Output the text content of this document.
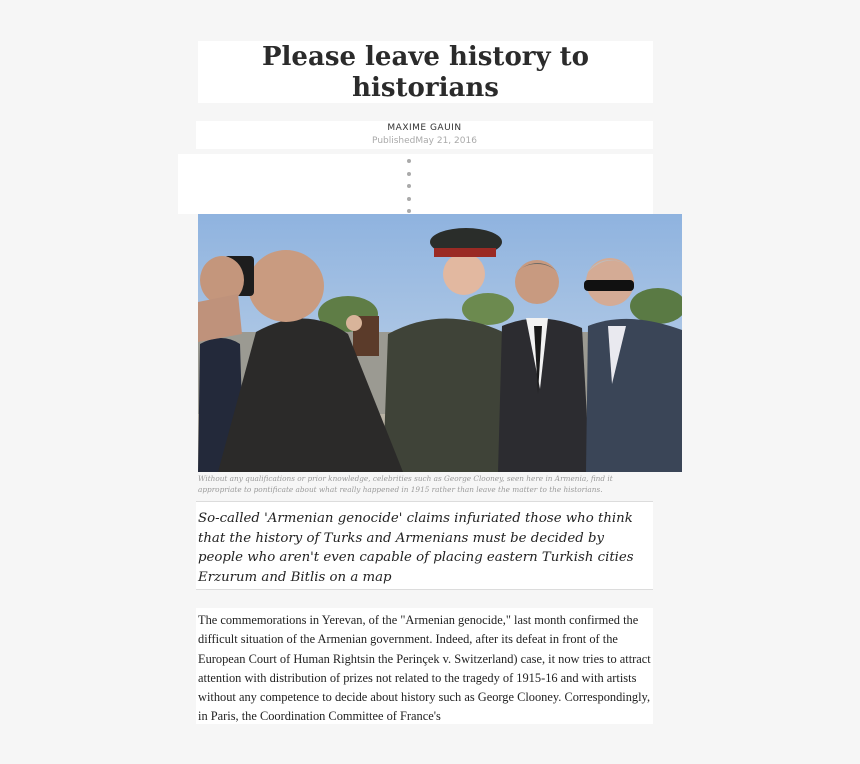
Please leave history to historians
MAXIME GAUIN
PublishedMay 21, 2016
Without any qualifications or prior knowledge, celebrities such as George Clooney, seen here in Armenia, find it appropriate to pontificate about what really happened in 1915 rather than leave the matter to the historians.

So-called 'Armenian genocide' claims infuriated those who think that the history of Turks and Armenians must be decided by people who aren't even capable of placing eastern Turkish cities Erzurum and Bitlis on a map

The commemorations in Yerevan, of the "Armenian genocide," last month confirmed the difficult situation of the Armenian government. Indeed, after its defeat in front of the European Court of Human Rightsin the Perinçek v. Switzerland) case, it now tries to attract attention with distribution of prizes not related to the tragedy of 1915-16 and with artists without any competence to decide about history such as George Clooney. Correspondingly, in Paris, the Coordination Committee of France's
